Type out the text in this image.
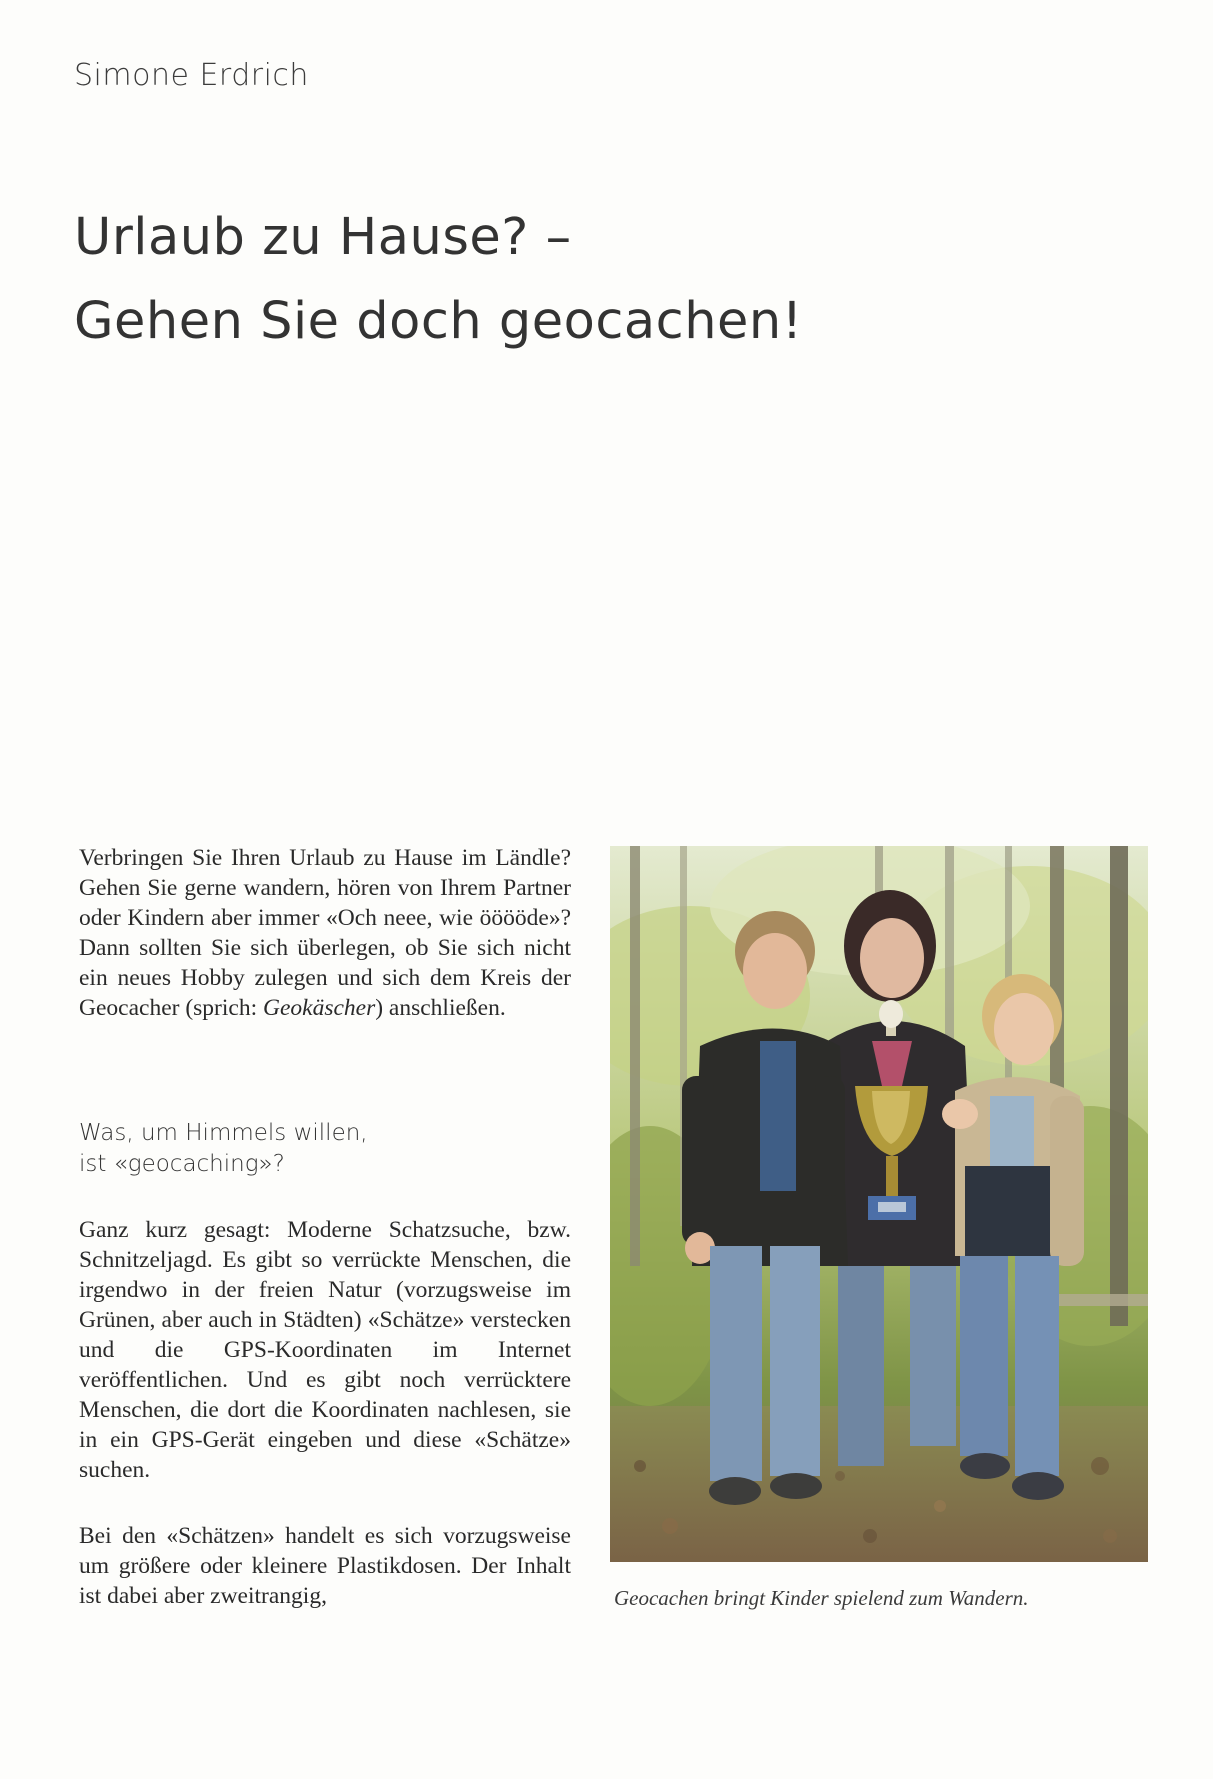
Simone Erdrich
Urlaub zu Hause? –
Gehen Sie doch geocachen!

Verbringen Sie Ihren Urlaub zu Hause im Ländle? Gehen Sie gerne wandern, hören von Ihrem Partner oder Kindern aber immer «Och neee, wie ööööde»? Dann sollten Sie sich überlegen, ob Sie sich nicht ein neues Hobby zulegen und sich dem Kreis der Geocacher (sprich: Geokäscher) anschließen.

Was, um Himmels willen,
ist «geocaching»?

Ganz kurz gesagt: Moderne Schatzsuche, bzw. Schnitzeljagd. Es gibt so verrückte Menschen, die irgendwo in der freien Natur (vorzugsweise im Grünen, aber auch in Städten) «Schätze» verstecken und die GPS-Koordinaten im Internet veröffentlichen. Und es gibt noch verrücktere Menschen, die dort die Koordinaten nachlesen, sie in ein GPS-Gerät eingeben und diese «Schätze» suchen.

Bei den «Schätzen» handelt es sich vorzugsweise um größere oder kleinere Plastikdosen. Der Inhalt ist dabei aber zweitrangig,	Geocachen bringt Kinder spielend zum Wandern.
